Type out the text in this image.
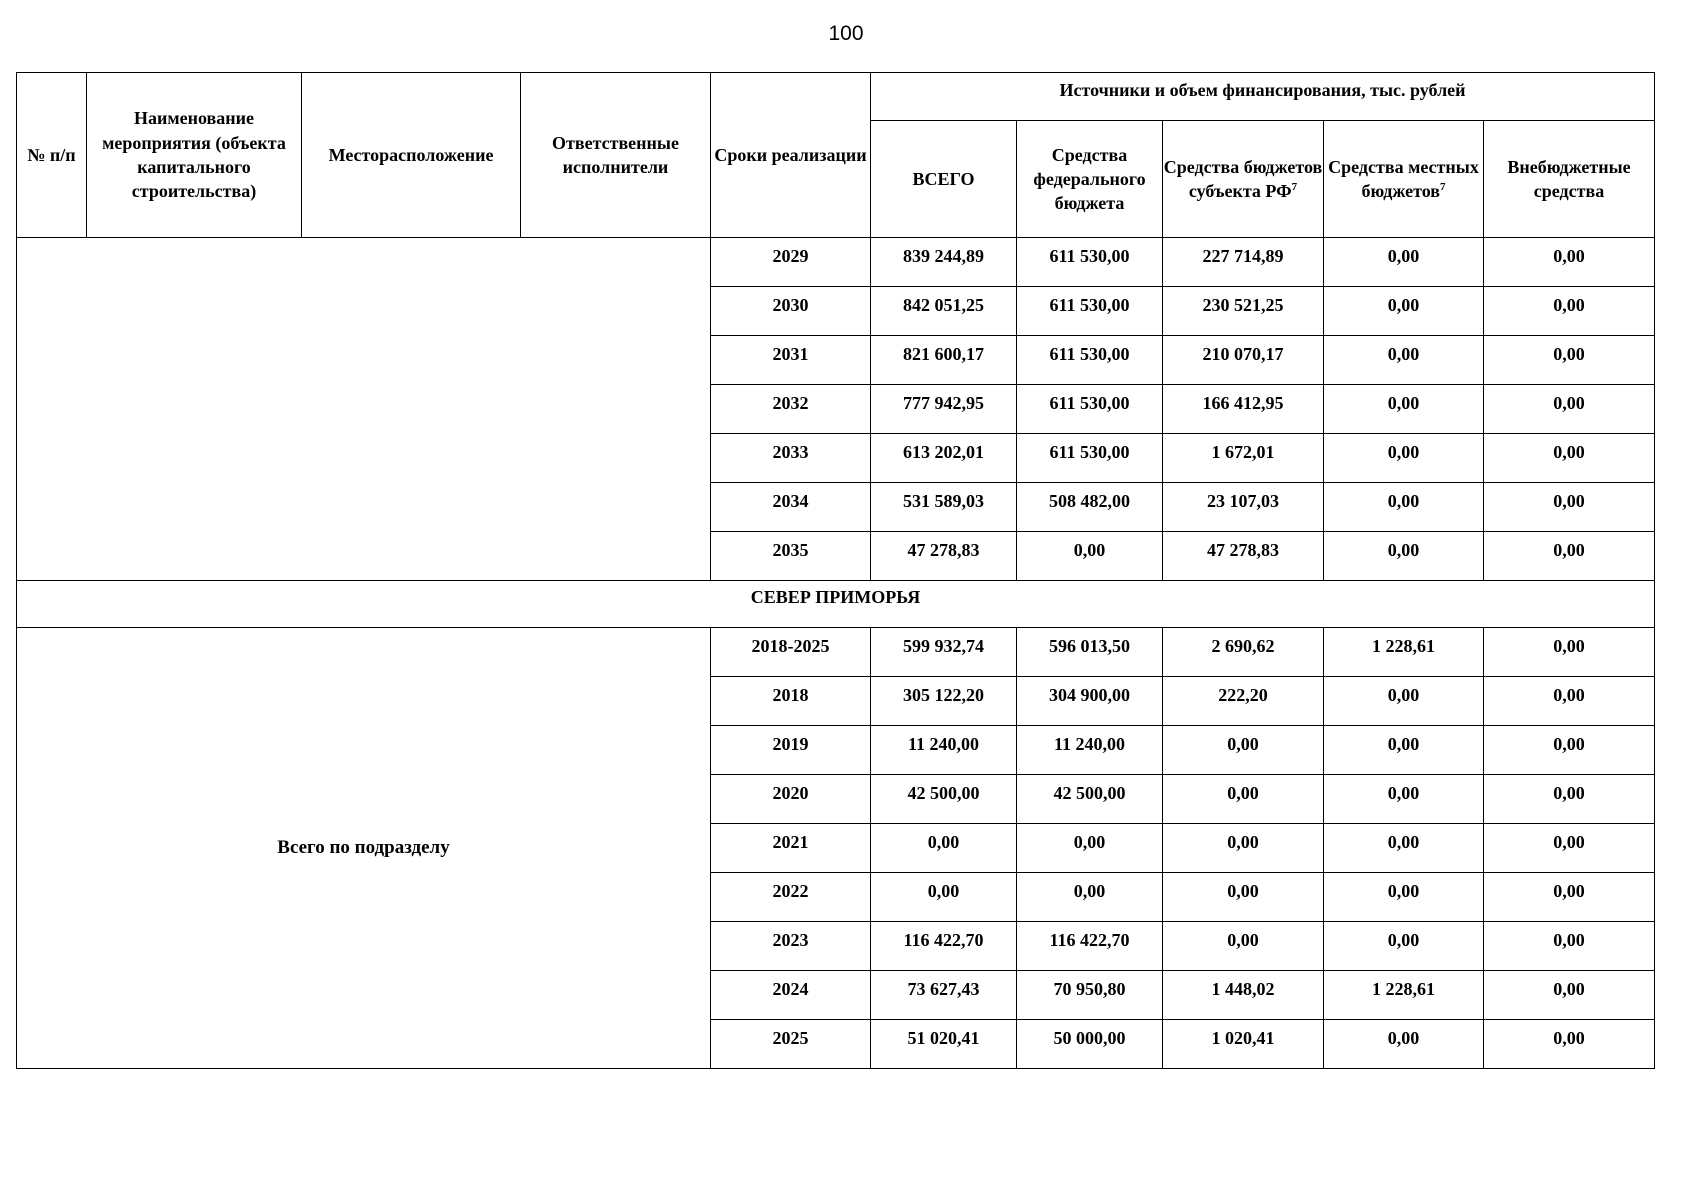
100
№ п/п	Наименование мероприятия (объекта капитального строительства)	Месторасположение	Ответственные исполнители	Сроки реализации	Источники и объем финансирования, тыс. рублей				
					ВСЕГО	Средства федерального бюджета	Средства бюджетов субъекта $РФ^7$	Средства местных бюджетов$^7$	Внебюджетные средства
				2029	839 244,89	611 530,00	227 714,89	0,00	0,00
				2030	842 051,25	611 530,00	230 521,25	0,00	0,00
				2031	821 600,17	611 530,00	210 070,17	0,00	0,00
				2032	777 942,95	611 530,00	166 412,95	0,00	0,00
				2033	613 202,01	611 530,00	1 672,01	0,00	0,00
				2034	531 589,03	508 482,00	23 107,03	0,00	0,00
				2035	47 278,83	0,00	47 278,83	0,00	0,00
СЕВЕР ПРИМОРЬЯ									
Всего по подразделу				2018-2025	599 932,74	596 013,50	2 690,62	1 228,61	0,00
				2018	305 122,20	304 900,00	222,20	0,00	0,00
				2019	11 240,00	11 240,00	0,00	0,00	0,00
				2020	42 500,00	42 500,00	0,00	0,00	0,00
				2021	0,00	0,00	0,00	0,00	0,00
				2022	0,00	0,00	0,00	0,00	0,00
				2023	116 422,70	116 422,70	0,00	0,00	0,00
				2024	73 627,43	70 950,80	1 448,02	1 228,61	0,00
				2025	51 020,41	50 000,00	1 020,41	0,00	0,00
